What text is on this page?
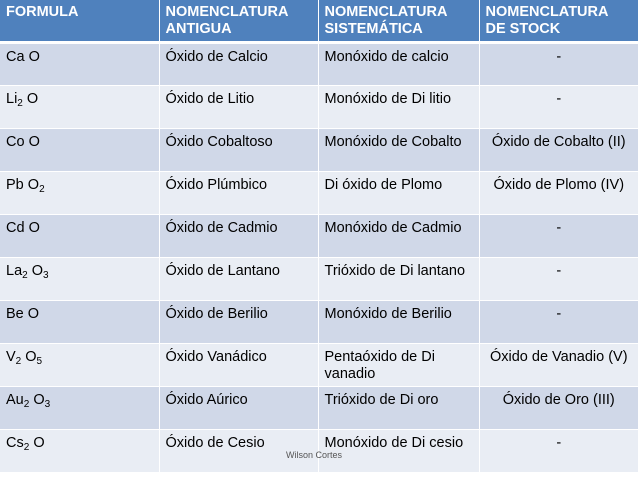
FORMULA	NOMENCLATURA ANTIGUA	NOMENCLATURA SISTEMÁTICA	NOMENCLATURA DE STOCK
Ca O	Óxido de Calcio	Monóxido de calcio	-
$Li_2$ O	Óxido de Litio	Monóxido de Di litio	-
Co O	Óxido Cobaltoso	Monóxido de Cobalto	Óxido de Cobalto (II)
Pb $O_2$	Óxido Plúmbico	Di óxido de Plomo	Óxido de Plomo (IV)
Cd O	Óxido de Cadmio	Monóxido de Cadmio	-
$La_2$ $O_3$	Óxido de Lantano	Trióxido de Di lantano	-
Be O	Óxido de Berilio	Monóxido de Berilio	-
$V_2$ $O_5$	Óxido Vanádico	Pentaóxido de Di vanadio	Óxido de Vanadio (V)
$Au_2$ $O_3$	Óxido Aúrico	Trióxido de Di oro	Óxido de Oro (III)
$Cs_2$ O	Óxido de Cesio	Monóxido de Di cesio	-
Wilson Cortes
